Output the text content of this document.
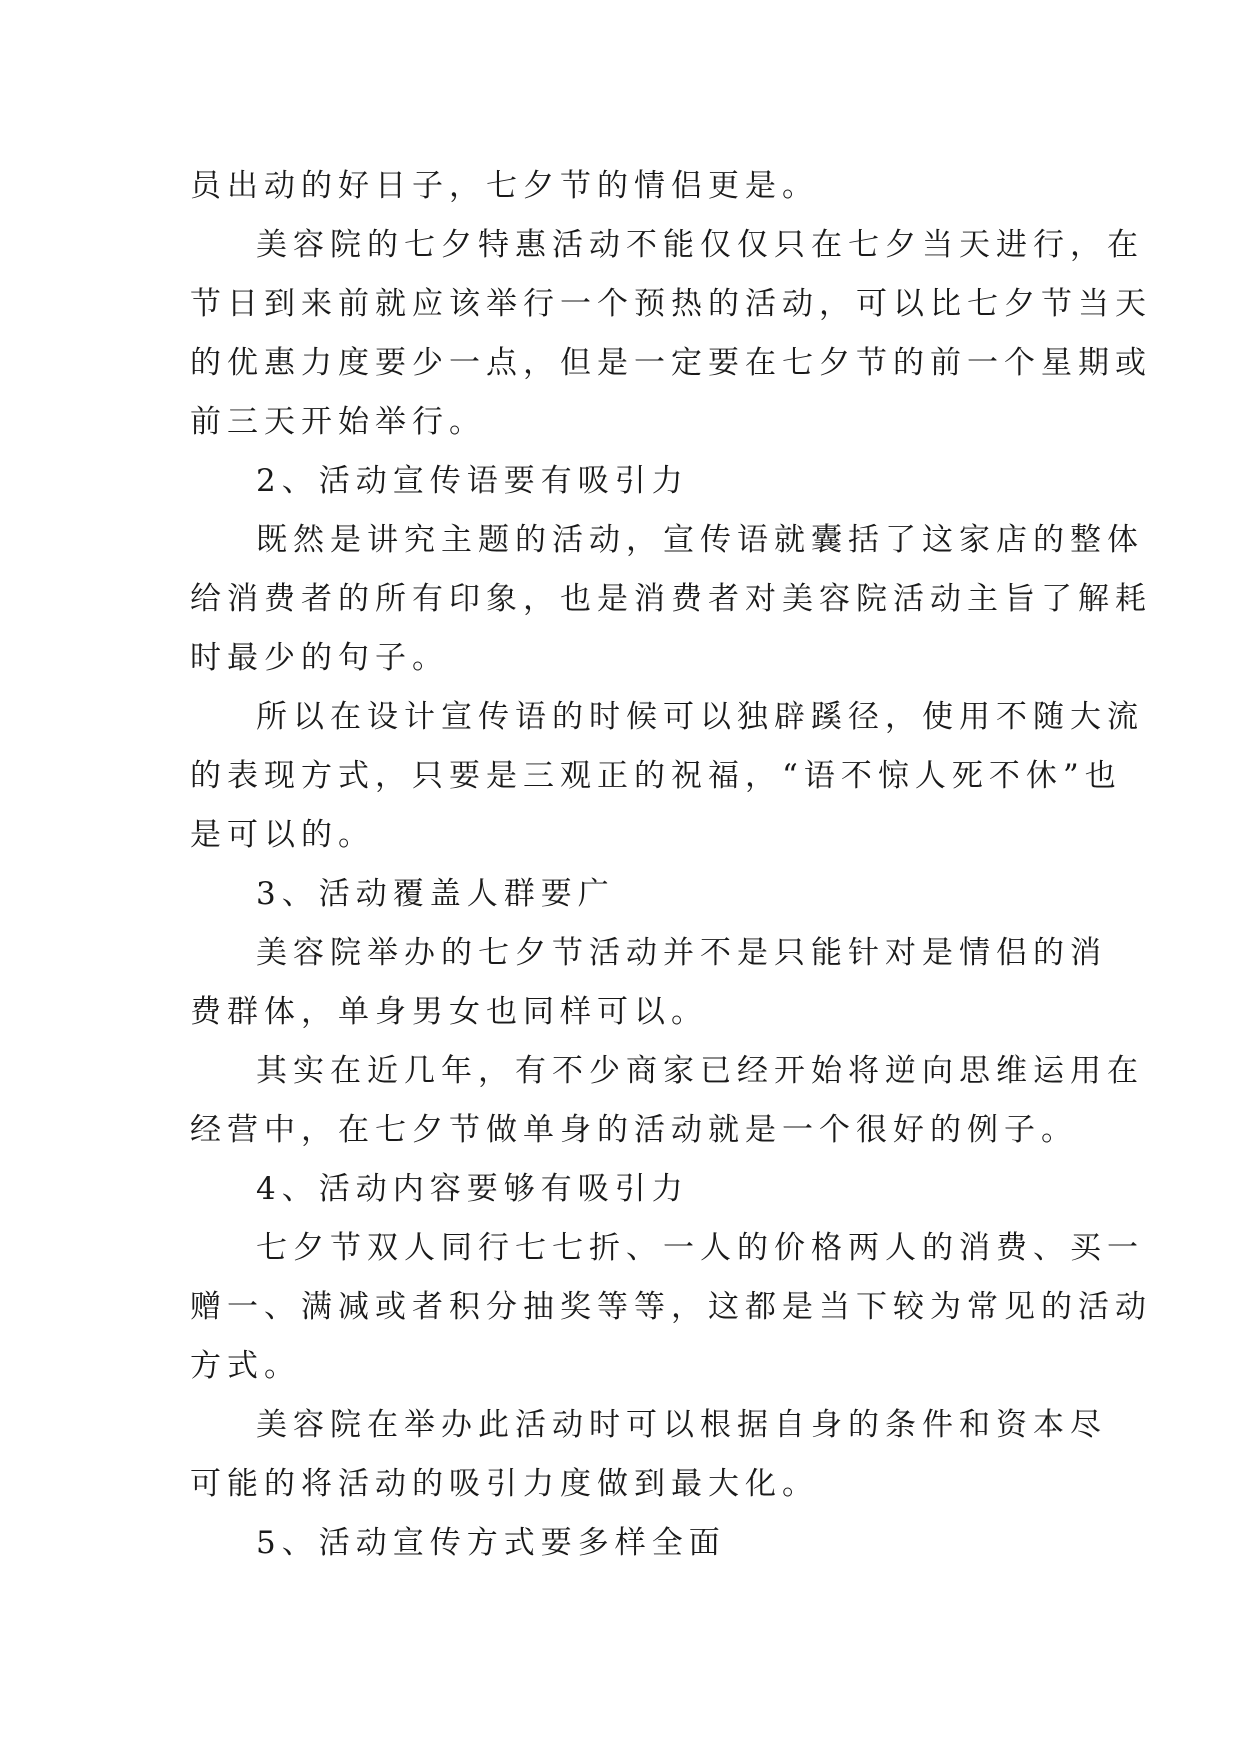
员出动的好日子，七夕节的情侣更是。
美容院的七夕特惠活动不能仅仅只在七夕当天进行，在
节日到来前就应该举行一个预热的活动，可以比七夕节当天
的优惠力度要少一点，但是一定要在七夕节的前一个星期或
前三天开始举行。
2、活动宣传语要有吸引力
既然是讲究主题的活动，宣传语就囊括了这家店的整体
给消费者的所有印象，也是消费者对美容院活动主旨了解耗
时最少的句子。
所以在设计宣传语的时候可以独辟蹊径，使用不随大流
的表现方式，只要是三观正的祝福，“语不惊人死不休”也
是可以的。
3、活动覆盖人群要广
美容院举办的七夕节活动并不是只能针对是情侣的消
费群体，单身男女也同样可以。
其实在近几年，有不少商家已经开始将逆向思维运用在
经营中，在七夕节做单身的活动就是一个很好的例子。
4、活动内容要够有吸引力
七夕节双人同行七七折、一人的价格两人的消费、买一
赠一、满减或者积分抽奖等等，这都是当下较为常见的活动
方式。
美容院在举办此活动时可以根据自身的条件和资本尽
可能的将活动的吸引力度做到最大化。
5、活动宣传方式要多样全面
